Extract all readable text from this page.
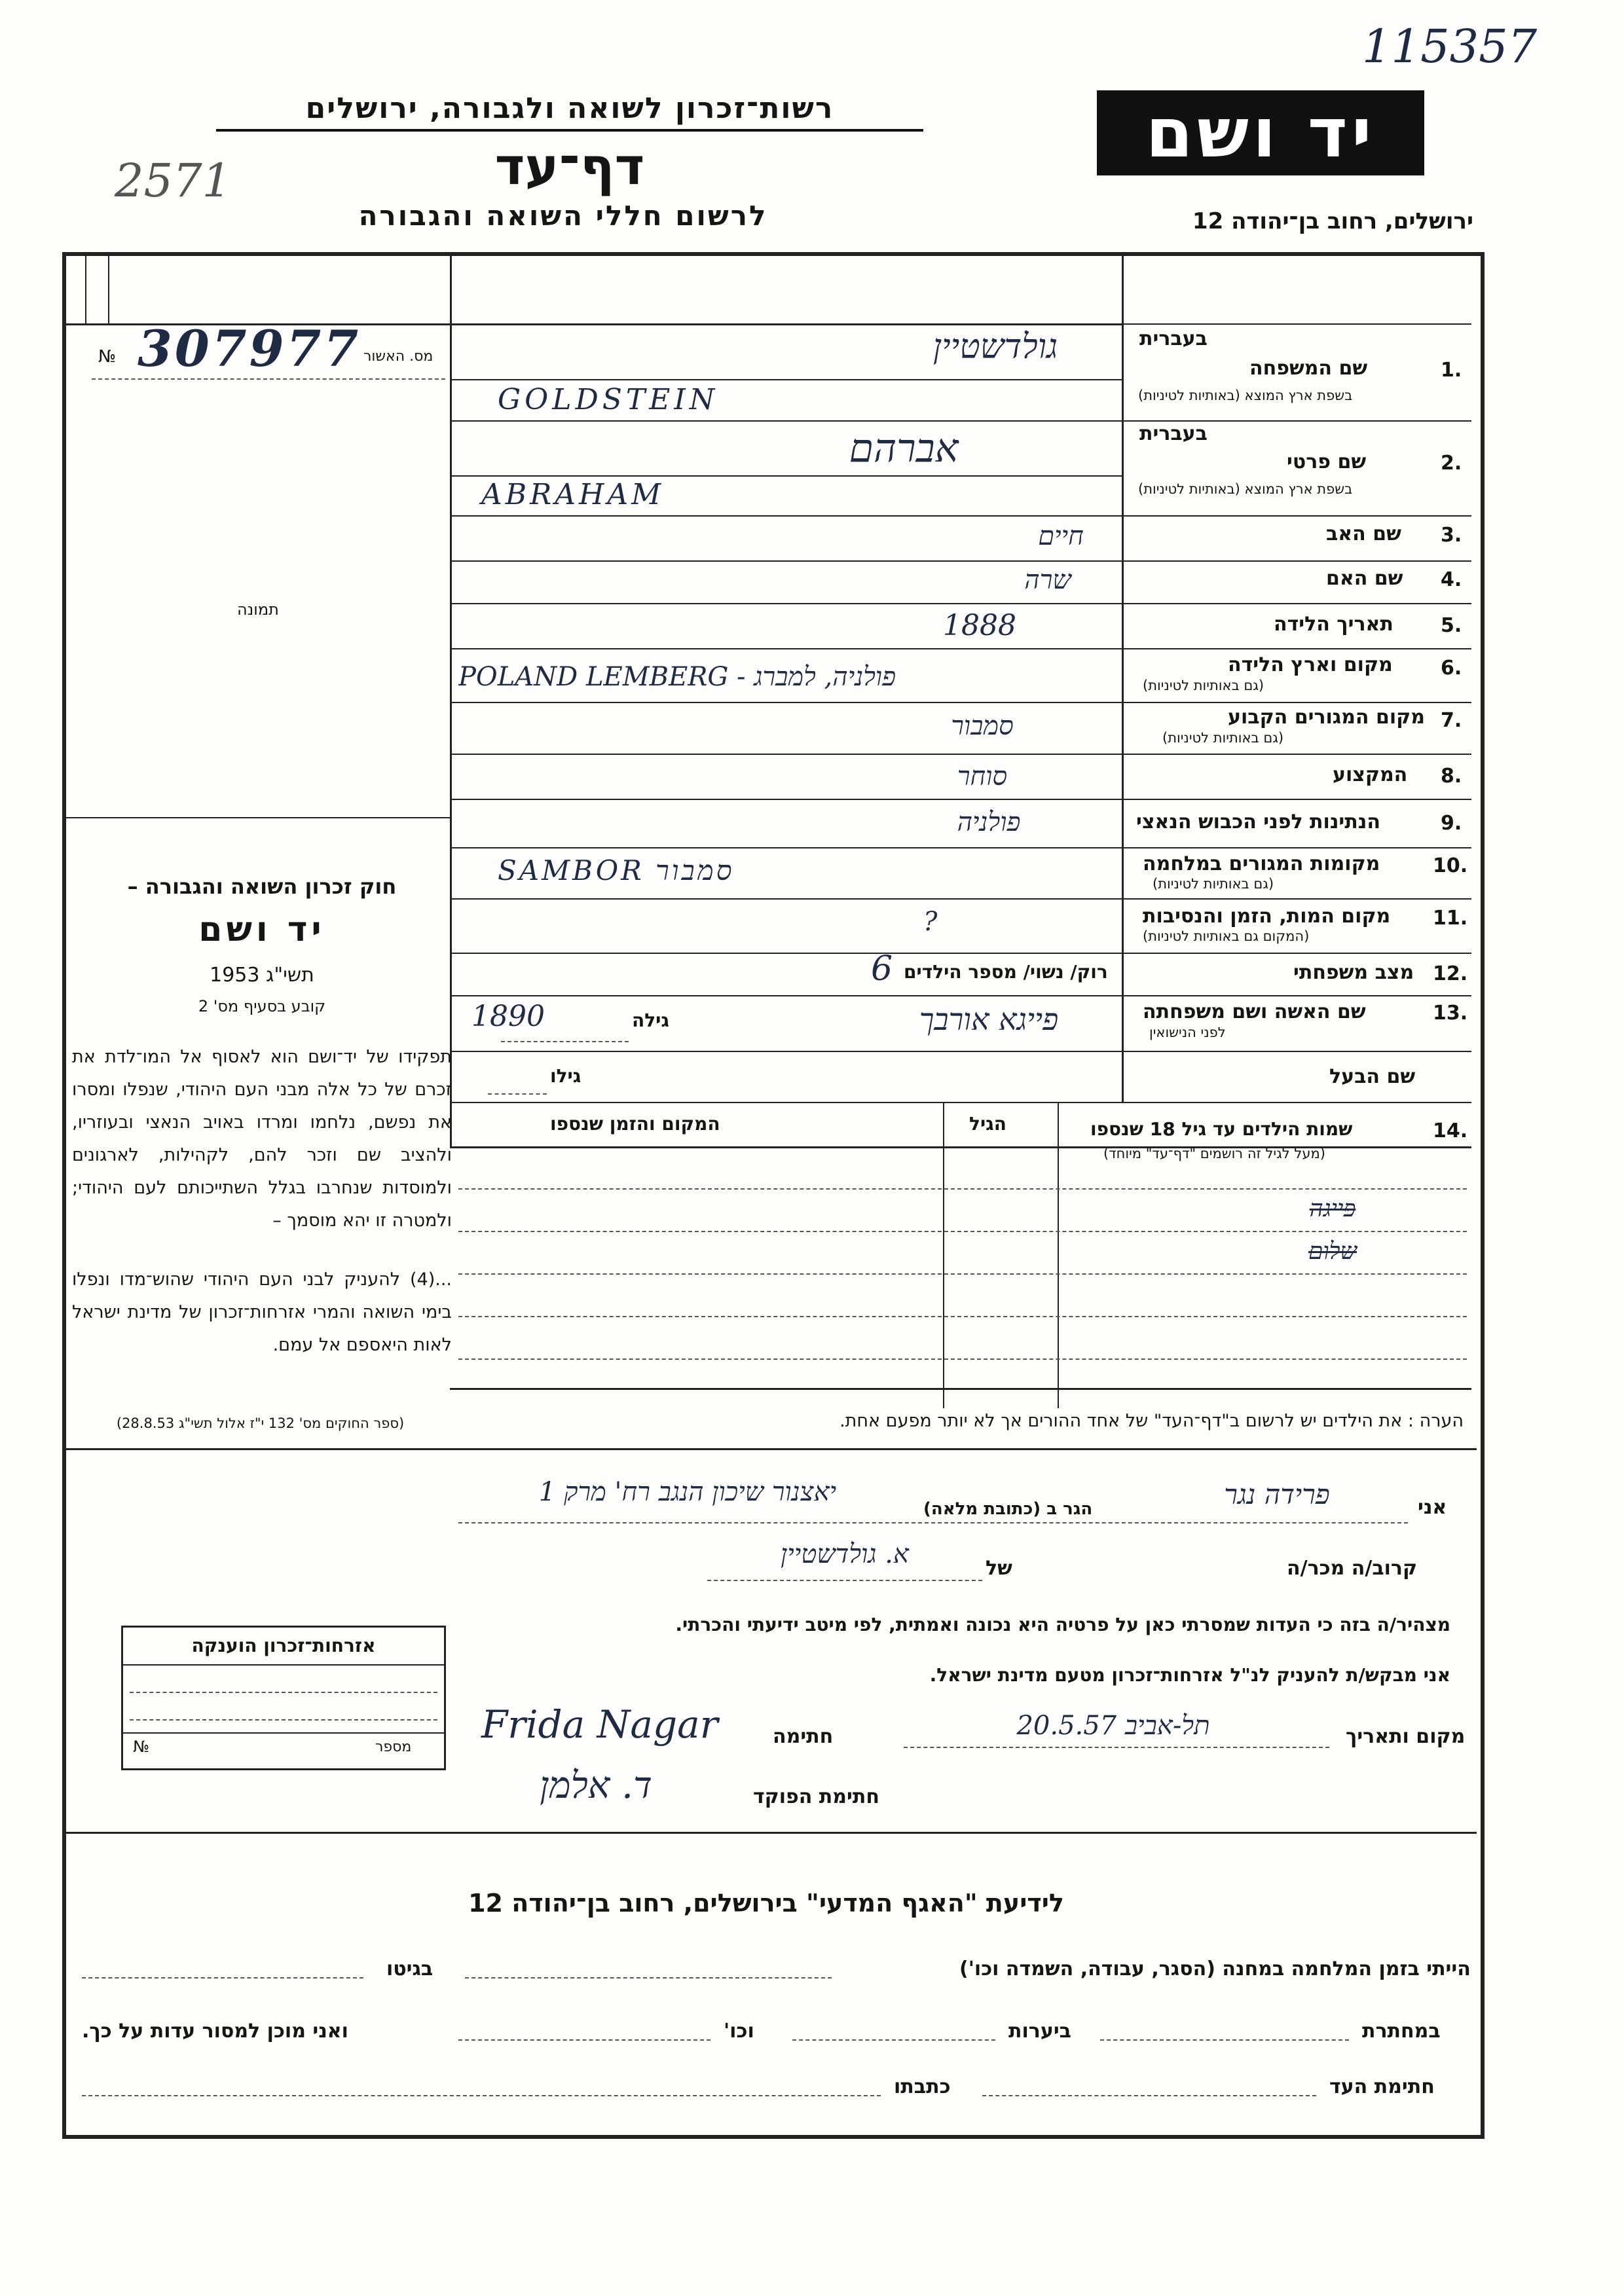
115357
רשות־זכרון לשואה ולגבורה, ירושלים
2571	דף־עד
לרשום חללי השואה והגבורה
יד ושם
ירושלים, רחוב בן־יהודה 12
מס. האשור
№ 307977
תמונה
חוק זכרון השואה והגבורה –
יד ושם
תשי"ג 1953
קובע בסעיף מס' 2
תפקידו של יד־ושם הוא לאסוף אל המו־לדת את זכרם של כל אלה מבני העם היהודי, שנפלו ומסרו את נפשם, נלחמו ומרדו באויב הנאצי ובעוזריו, ולהציב שם וזכר להם, לקהילות, לארגונים ולמוסדות שנחרבו בגלל השתייכותם לעם היהודי; ולמטרה זו יהא מוסמך –
...(4) להעניק לבני העם היהודי שהוש־מדו ונפלו בימי השואה והמרי אזרחות־זכרון של מדינת ישראל לאות היאספם אל עמם.
(ספר החוקים מס' 132 י"ז אלול תשי"ג 28.8.53)
בעברית
1.
שם המשפחה
בשפת ארץ המוצא (באותיות לטיניות)
בעברית
2.
שם פרטי
בשפת ארץ המוצא (באותיות לטיניות)
3.
שם האב
4.
שם האם
5.
תאריך הלידה
6.
מקום וארץ הלידה
(גם באותיות לטיניות)
7.
מקום המגורים הקבוע
(גם באותיות לטיניות)
8.
המקצוע
9.
הנתינות לפני הכבוש הנאצי
10.
מקומות המגורים במלחמה
(גם באותיות לטיניות)
11.
מקום המות, הזמן והנסיבות
(המקום גם באותיות לטיניות)
12.
מצב משפחתי
13.
שם האשה ושם משפחתה
לפני הנישואין
שם הבעל
גולדשטיין
GOLDSTEIN
אברהם
ABRAHAM
חיים
שרה
1888
POLAND LEMBERG - פולניה, למברג
סמבור
סוחר
פולניה
SAMBOR סמבור
?
רוק/ נשוי/ מספר הילדים
6
גילה
1890	פייגא אורבך
גילו
14.
שמות הילדים עד גיל 18 שנספו
(מעל לגיל זה רושמים "דף־עד" מיוחד)
הגיל
המקום והזמן שנספו
פייגה
שלום
הערה : את הילדים יש לרשום ב"דף־העד" של אחד ההורים אך לא יותר מפעם אחת.
אני
פרידה נגר
הגר ב (כתובת מלאה)
יאצנור שיכון הנגב רח' מרק 1
קרוב/ה מכר/ה
של
א. גולדשטיין
מצהיר/ה בזה כי העדות שמסרתי כאן על פרטיה היא נכונה ואמתית, לפי מיטב ידיעתי והכרתי.
אני מבקש/ת להעניק לנ"ל אזרחות־זכרון מטעם מדינת ישראל.
מקום ותאריך
תל-אביב 20.5.57
חתימה
Frida Nagar
חתימת הפוקד
ד. אלמן
אזרחות־זכרון הוענקה
מספר
№
לידיעת "האגף המדעי" בירושלים, רחוב בן־יהודה 12
הייתי בזמן המלחמה במחנה (הסגר, עבודה, השמדה וכו')
בגיטו
במחתרת
ביערות
וכו'
ואני מוכן למסור עדות על כך.
חתימת העד
כתבתו
